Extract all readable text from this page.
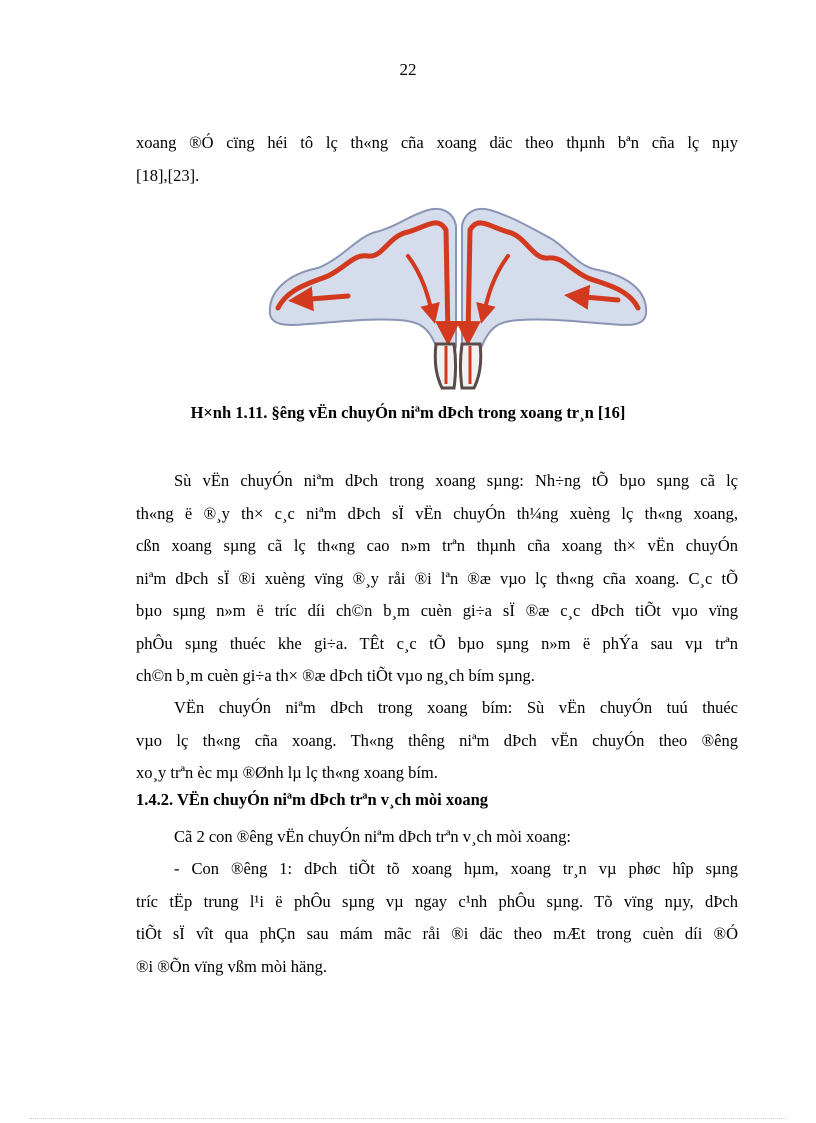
22

xoang ®Ó cïng héi tô lç th«ng cña xoang däc theo thµnh bªn cña lç nµy
[18],[23].

H×nh 1.11. §êng vËn chuyÓn niªm dÞch trong xoang tr¸n [16]

Sù vËn chuyÓn niªm dÞch trong xoang sµng: Nh÷ng tÕ bµo sµng cã lç
th«ng ë ®¸y th× c¸c niªm dÞch sÏ vËn chuyÓn th¼ng xuèng lç th«ng xoang,
cßn xoang sµng cã lç th«ng cao n»m trªn thµnh cña xoang th× vËn chuyÓn
niªm dÞch sÏ ®i xuèng vïng ®¸y råi ®i lªn ®æ vµo lç th«ng cña xoang. C¸c tÕ
bµo sµng n»m ë tríc díi ch©n b¸m cuèn gi÷a sÏ ®æ c¸c dÞch tiÕt vµo vïng
phÔu sµng thuéc khe gi÷a. TÊt c¸c tÕ bµo sµng n»m ë phÝa sau vµ trªn
ch©n b¸m cuèn gi÷a th× ®æ dÞch tiÕt vµo ng¸ch bím sµng.

VËn chuyÓn niªm dÞch trong xoang bím: Sù vËn chuyÓn tuú thuéc
vµo lç th«ng cña xoang. Th«ng thêng niªm dÞch vËn chuyÓn theo ®êng
xo¸y trªn èc mµ ®Ønh lµ lç th«ng xoang bím.

1.4.2. VËn chuyÓn niªm dÞch trªn v¸ch mòi xoang

Cã 2 con ®êng vËn chuyÓn niªm dÞch trªn v¸ch mòi xoang:

- Con ®êng 1: dÞch tiÕt tõ xoang hµm, xoang tr¸n vµ phøc hîp sµng
tríc tËp trung l¹i ë phÔu sµng vµ ngay c¹nh phÔu sµng. Tõ vïng nµy, dÞch
tiÕt sÏ vît qua phÇn sau mám mãc råi ®i däc theo mÆt trong cuèn díi ®Ó
®i ®Õn vïng vßm mòi häng.
